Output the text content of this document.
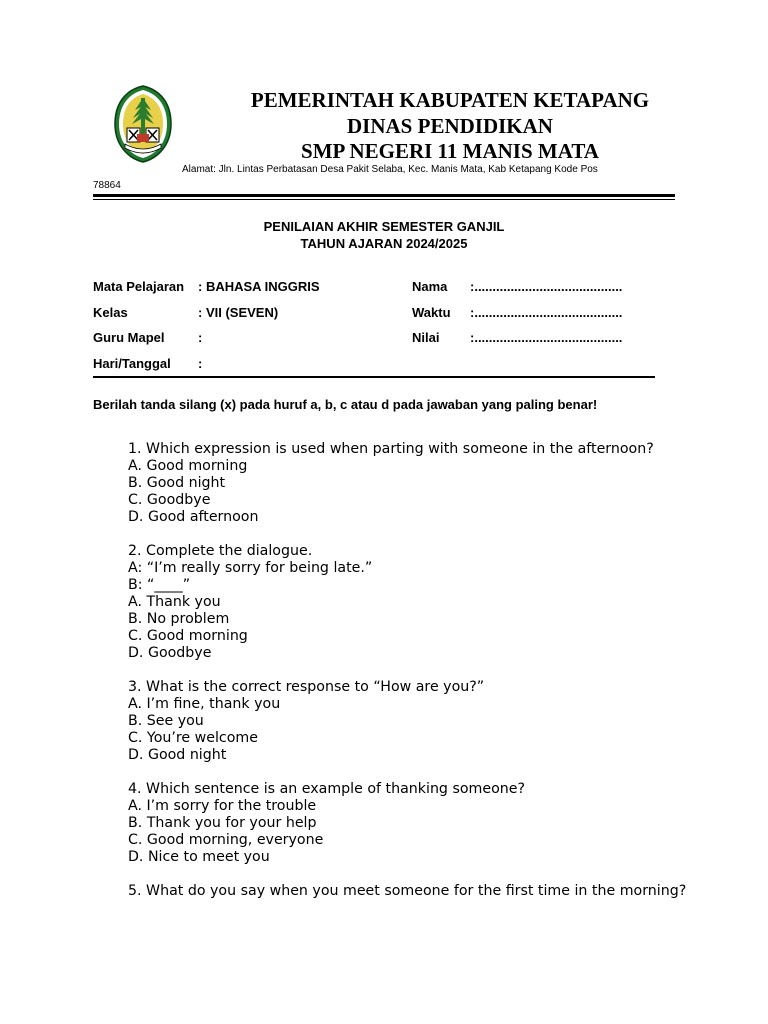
PEMERINTAH KABUPATEN KETAPANG
DINAS PENDIDIKAN
SMP NEGERI 11 MANIS MATA
Alamat: Jln. Lintas Perbatasan Desa Pakit Selaba, Kec. Manis Mata, Kab Ketapang Kode Pos
78864
PENILAIAN AKHIR SEMESTER GANJIL
TAHUN AJARAN 2024/2025
Mata Pelajaran : BAHASA INGGRIS
Kelas	: VII (SEVEN)
Guru Mapel	:
Hari/Tanggal :
Nama :.........................................
Waktu :.........................................
Nilai :.........................................
Berilah tanda silang (x) pada huruf a, b, c atau d pada jawaban yang paling benar!
1. Which expression is used when parting with someone in the afternoon?
A. Good morning
B. Good night
C. Goodbye
D. Good afternoon
2. Complete the dialogue.
A: “I’m really sorry for being late.”
B: “____”
A. Thank you
B. No problem
C. Good morning
D. Goodbye
3. What is the correct response to “How are you?”
A. I’m fine, thank you
B. See you
C. You’re welcome
D. Good night
4. Which sentence is an example of thanking someone?
A. I’m sorry for the trouble
B. Thank you for your help
C. Good morning, everyone
D. Nice to meet you
5. What do you say when you meet someone for the first time in the morning?
